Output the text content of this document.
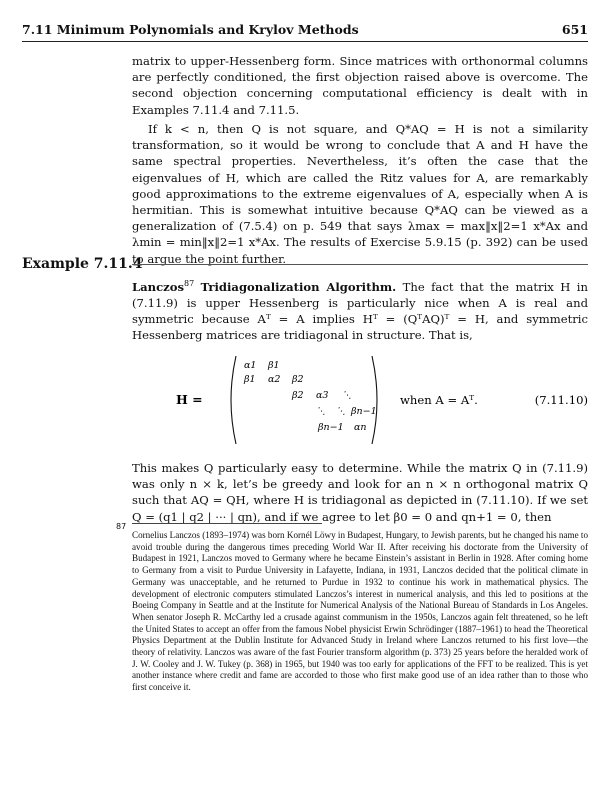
7.11 Minimum Polynomials and Krylov Methods	651

matrix to upper-Hessenberg form. Since matrices with orthonormal columns are perfectly conditioned, the first objection raised above is overcome. The second objection concerning computational efficiency is dealt with in Examples 7.11.4 and 7.11.5.

If k < n, then Q is not square, and Q*AQ = H is not a similarity transformation, so it would be wrong to conclude that A and H have the same spectral properties. Nevertheless, it’s often the case that the eigenvalues of H, which are called the Ritz values for A, are remarkably good approximations to the extreme eigenvalues of A, especially when A is hermitian. This is somewhat intuitive because Q*AQ can be viewed as a generalization of (7.5.4) on p. 549 that says λmax = max‖x‖2=1 x*Ax and λmin = min‖x‖2=1 x*Ax. The results of Exercise 5.9.15 (p. 392) can be used to argue the point further.

Example 7.11.4

Lanczos$^{87}$ Tridiagonalization Algorithm. The fact that the matrix H in (7.11.9) is upper Hessenberg is particularly nice when A is real and symmetric because Aᵀ = A implies Hᵀ = (QᵀAQ)ᵀ = H, and symmetric Hessenberg matrices are tridiagonal in structure. That is,

H =
α1 β1
β1 α2 β2
β2 α3 ⋱
⋱ ⋱ βn−1
βn−1 αn
when A = Aᵀ.	(7.11.10)

This makes Q particularly easy to determine. While the matrix Q in (7.11.9) was only n × k, let’s be greedy and look for an n × n orthogonal matrix Q such that AQ = QH, where H is tridiagonal as depicted in (7.11.10). If we set Q = (q1 | q2 | ··· | qn), and if we agree to let β0 = 0 and qn+1 = 0, then

87
Cornelius Lanczos (1893–1974) was born Kornél Löwy in Budapest, Hungary, to Jewish parents, but he changed his name to avoid trouble during the dangerous times preceding World War II. After receiving his doctorate from the University of Budapest in 1921, Lanczos moved to Germany where he became Einstein’s assistant in Berlin in 1928. After coming home to Germany from a visit to Purdue University in Lafayette, Indiana, in 1931, Lanczos decided that the political climate in Germany was unacceptable, and he returned to Purdue in 1932 to continue his work in mathematical physics. The development of electronic computers stimulated Lanczos’s interest in numerical analysis, and this led to positions at the Boeing Company in Seattle and at the Institute for Numerical Analysis of the National Bureau of Standards in Los Angeles. When senator Joseph R. McCarthy led a crusade against communism in the 1950s, Lanczos again felt threatened, so he left the United States to accept an offer from the famous Nobel physicist Erwin Schrödinger (1887–1961) to head the Theoretical Physics Department at the Dublin Institute for Advanced Study in Ireland where Lanczos returned to his first love—the theory of relativity. Lanczos was aware of the fast Fourier transform algorithm (p. 373) 25 years before the heralded work of J. W. Cooley and J. W. Tukey (p. 368) in 1965, but 1940 was too early for applications of the FFT to be realized. This is yet another instance where credit and fame are accorded to those who first make good use of an idea rather than to those who first conceive it.
